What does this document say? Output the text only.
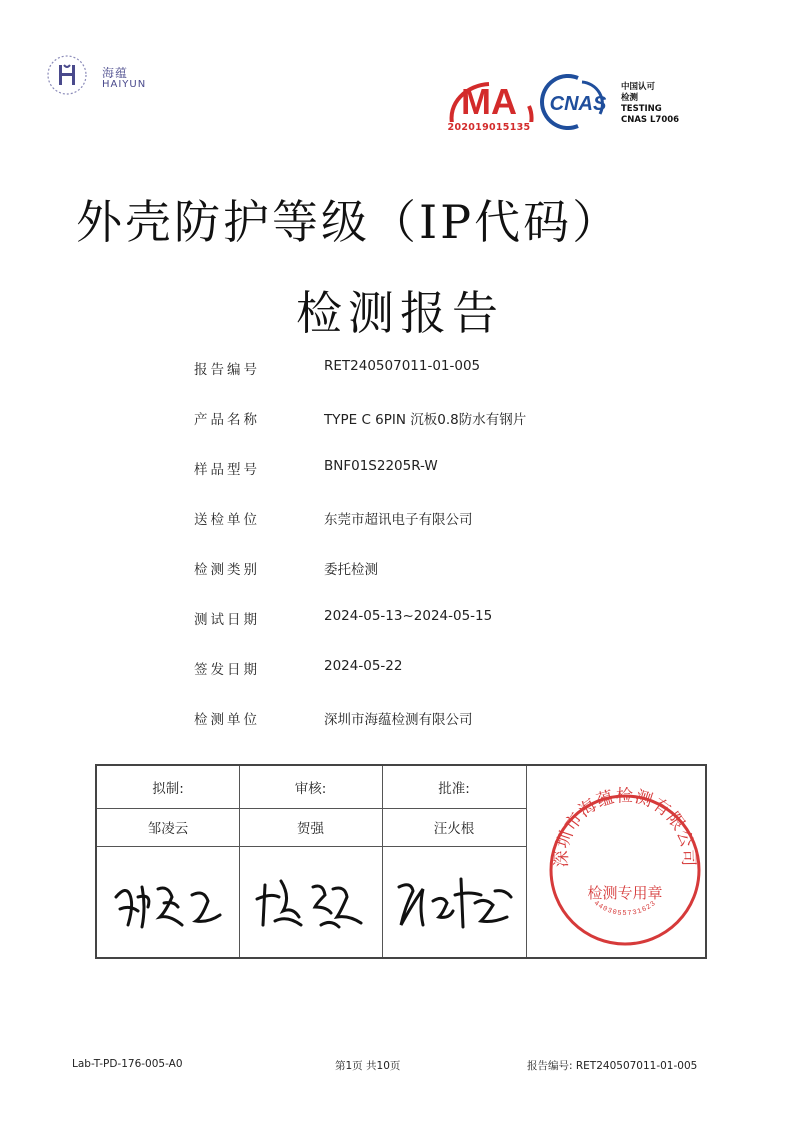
海蕴
HAIYUN	MA
202019015135
CNAS
中国认可
检测
TESTING
CNAS L7006
外壳防护等级（IP代码）
检测报告
报告编号	RET240507011-01-005
产品名称	TYPE C 6PIN 沉板0.8防水有钢片
样品型号	BNF01S2205R-W
送检单位	东莞市超讯电子有限公司
检测类别	委托检测
测试日期	2024-05-13~2024-05-15
签发日期	2024-05-22
检测单位	深圳市海蕴检测有限公司
拟制:	审核:	批准:
邹凌云	贺强	汪火根
深圳市海蕴检测有限公司
检测专用章
4403055731623
Lab-T-PD-176-005-A0	第1页 共10页	报告编号: RET240507011-01-005
